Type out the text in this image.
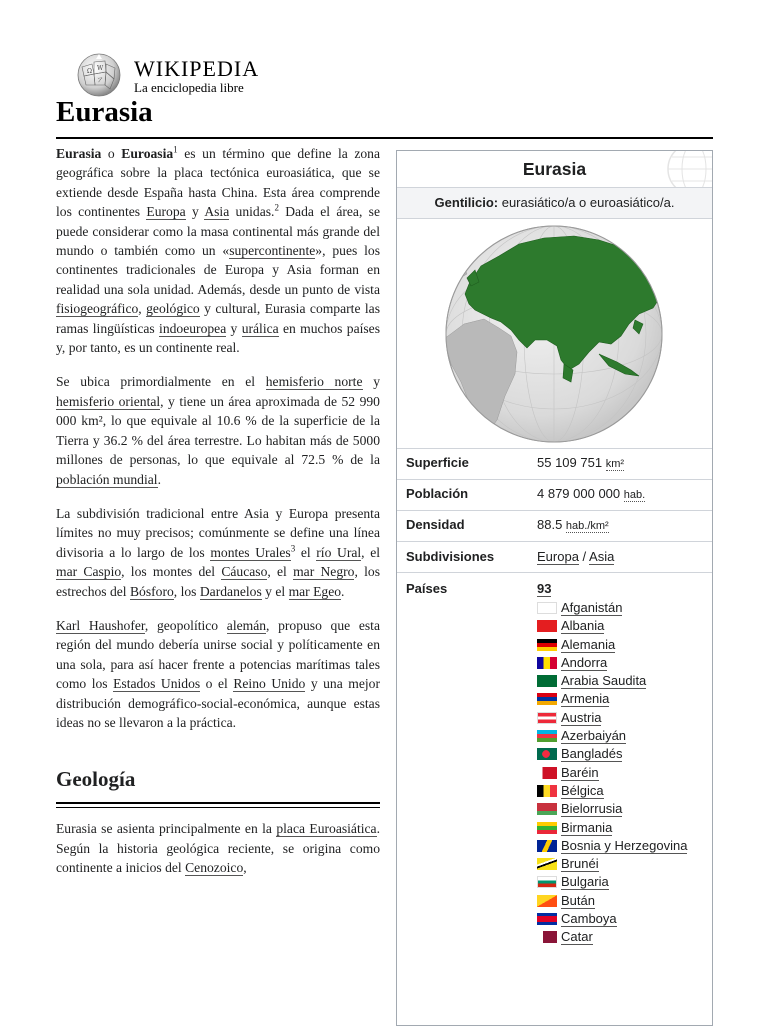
Ω W
ア WIKIPEDIA
La enciclopedia libre
Eurasia

Eurasia o Euroasia$^1$ es un término que define la zona geográfica sobre la placa tectónica euroasiática, que se extiende desde España hasta China. Esta área comprende los continentes Europa y Asia unidas.$^2$ Dada el área, se puede considerar como la masa continental más grande del mundo o también como un «supercontinente», pues los continentes tradicionales de Europa y Asia forman en realidad una sola unidad. Además, desde un punto de vista fisiogeográfico, geológico y cultural, Eurasia comparte las ramas lingüísticas indoeuropea y urálica en muchos países y, por tanto, es un continente real.

Se ubica primordialmente en el hemisferio norte y hemisferio oriental, y tiene un área aproximada de 52 990 000 km², lo que equivale al 10.6 % de la superficie de la Tierra y 36.2 % del área terrestre. Lo habitan más de 5000 millones de personas, lo que equivale al 72.5 % de la población mundial.

La subdivisión tradicional entre Asia y Europa presenta límites no muy precisos; comúnmente se define una línea divisoria a lo largo de los montes Urales$^3$ el río Ural, el mar Caspio, los montes del Cáucaso, el mar Negro, los estrechos del Bósforo, los Dardanelos y el mar Egeo.

Karl Haushofer, geopolítico alemán, propuso que esta región del mundo debería unirse social y políticamente en una sola, para así hacer frente a potencias marítimas tales como los Estados Unidos o el Reino Unido y una mejor distribución demográfico-social-económica, aunque estas ideas no se llevaron a la práctica.

Geología

Eurasia se asienta principalmente en la placa Euroasiática. Según la historia geológica reciente, se origina como continente a inicios del Cenozoico,

Eurasia
Gentilicio: eurasiático/a o euroasiático/a.
Superficie	55 109 751 km²
Población	4 879 000 000 hab.
Densidad	88.5 hab./km²
Subdivisiones	Europa / Asia
Países	93
Afganistán
Albania
Alemania
Andorra
Arabia Saudita
Armenia
Austria
Azerbaiyán
Bangladés
Baréin
Bélgica
Bielorrusia
Birmania
Bosnia y Herzegovina
Brunéi
Bulgaria
Bután
Camboya
Catar
